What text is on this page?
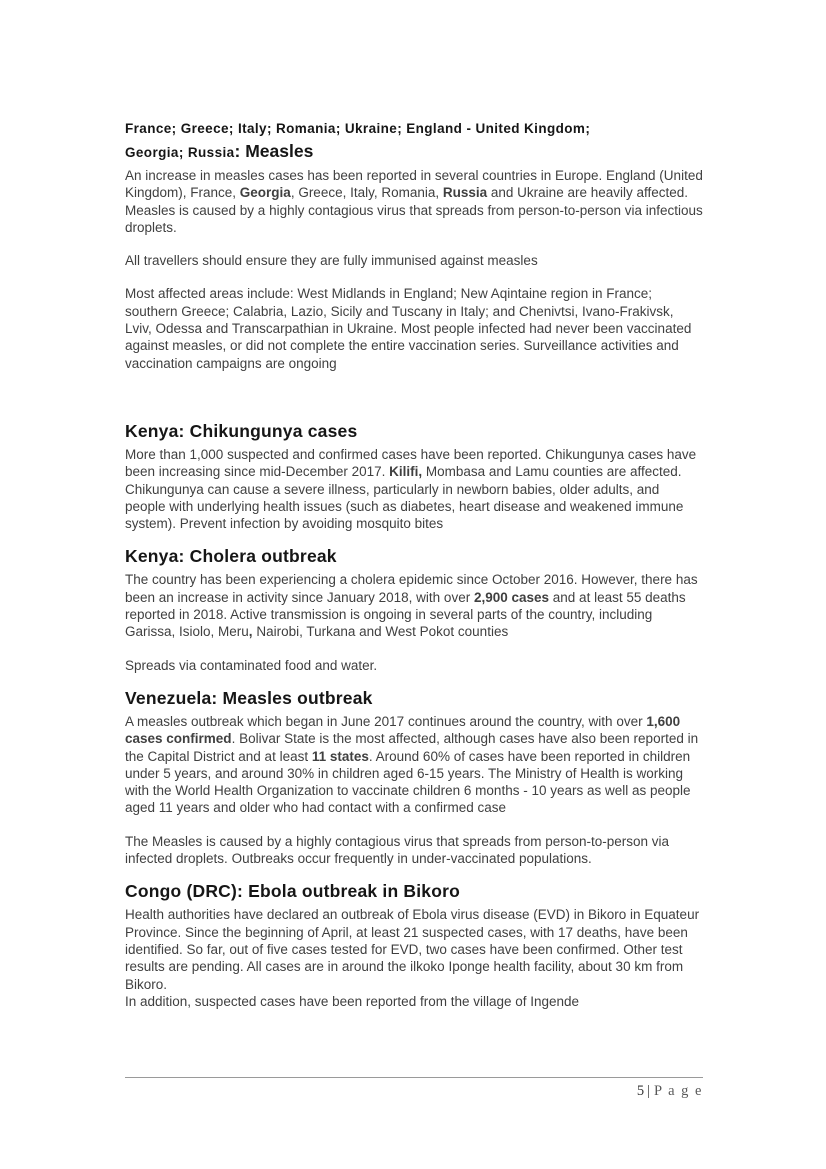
France; Greece; Italy; Romania; Ukraine; England - United Kingdom;
Georgia; Russia: Measles

An increase in measles cases has been reported in several countries in Europe. England (United Kingdom), France, Georgia, Greece, Italy, Romania, Russia and Ukraine are heavily affected. Measles is caused by a highly contagious virus that spreads from person-to-person via infectious droplets.

All travellers should ensure they are fully immunised against measles

Most affected areas include: West Midlands in England; New Aqintaine region in France; southern Greece; Calabria, Lazio, Sicily and Tuscany in Italy; and Chenivtsi, Ivano-Frakivsk, Lviv, Odessa and Transcarpathian in Ukraine. Most people infected had never been vaccinated against measles, or did not complete the entire vaccination series. Surveillance activities and vaccination campaigns are ongoing

Kenya: Chikungunya cases

More than 1,000 suspected and confirmed cases have been reported. Chikungunya cases have been increasing since mid-December 2017. Kilifi, Mombasa and Lamu counties are affected. Chikungunya can cause a severe illness, particularly in newborn babies, older adults, and people with underlying health issues (such as diabetes, heart disease and weakened immune system). Prevent infection by avoiding mosquito bites

Kenya: Cholera outbreak

The country has been experiencing a cholera epidemic since October 2016. However, there has been an increase in activity since January 2018, with over 2,900 cases and at least 55 deaths reported in 2018. Active transmission is ongoing in several parts of the country, including Garissa, Isiolo, Meru, Nairobi, Turkana and West Pokot counties

Spreads via contaminated food and water.

Venezuela: Measles outbreak

A measles outbreak which began in June 2017 continues around the country, with over 1,600 cases confirmed. Bolivar State is the most affected, although cases have also been reported in the Capital District and at least 11 states. Around 60% of cases have been reported in children under 5 years, and around 30% in children aged 6-15 years. The Ministry of Health is working with the World Health Organization to vaccinate children 6 months - 10 years as well as people aged 11 years and older who had contact with a confirmed case

The Measles is caused by a highly contagious virus that spreads from person-to-person via infected droplets. Outbreaks occur frequently in under-vaccinated populations.

Congo (DRC): Ebola outbreak in Bikoro

Health authorities have declared an outbreak of Ebola virus disease (EVD) in Bikoro in Equateur Province. Since the beginning of April, at least 21 suspected cases, with 17 deaths, have been identified. So far, out of five cases tested for EVD, two cases have been confirmed. Other test results are pending. All cases are in around the ilkoko Iponge health facility, about 30 km from Bikoro.

In addition, suspected cases have been reported from the village of Ingende

5 | P a g e
